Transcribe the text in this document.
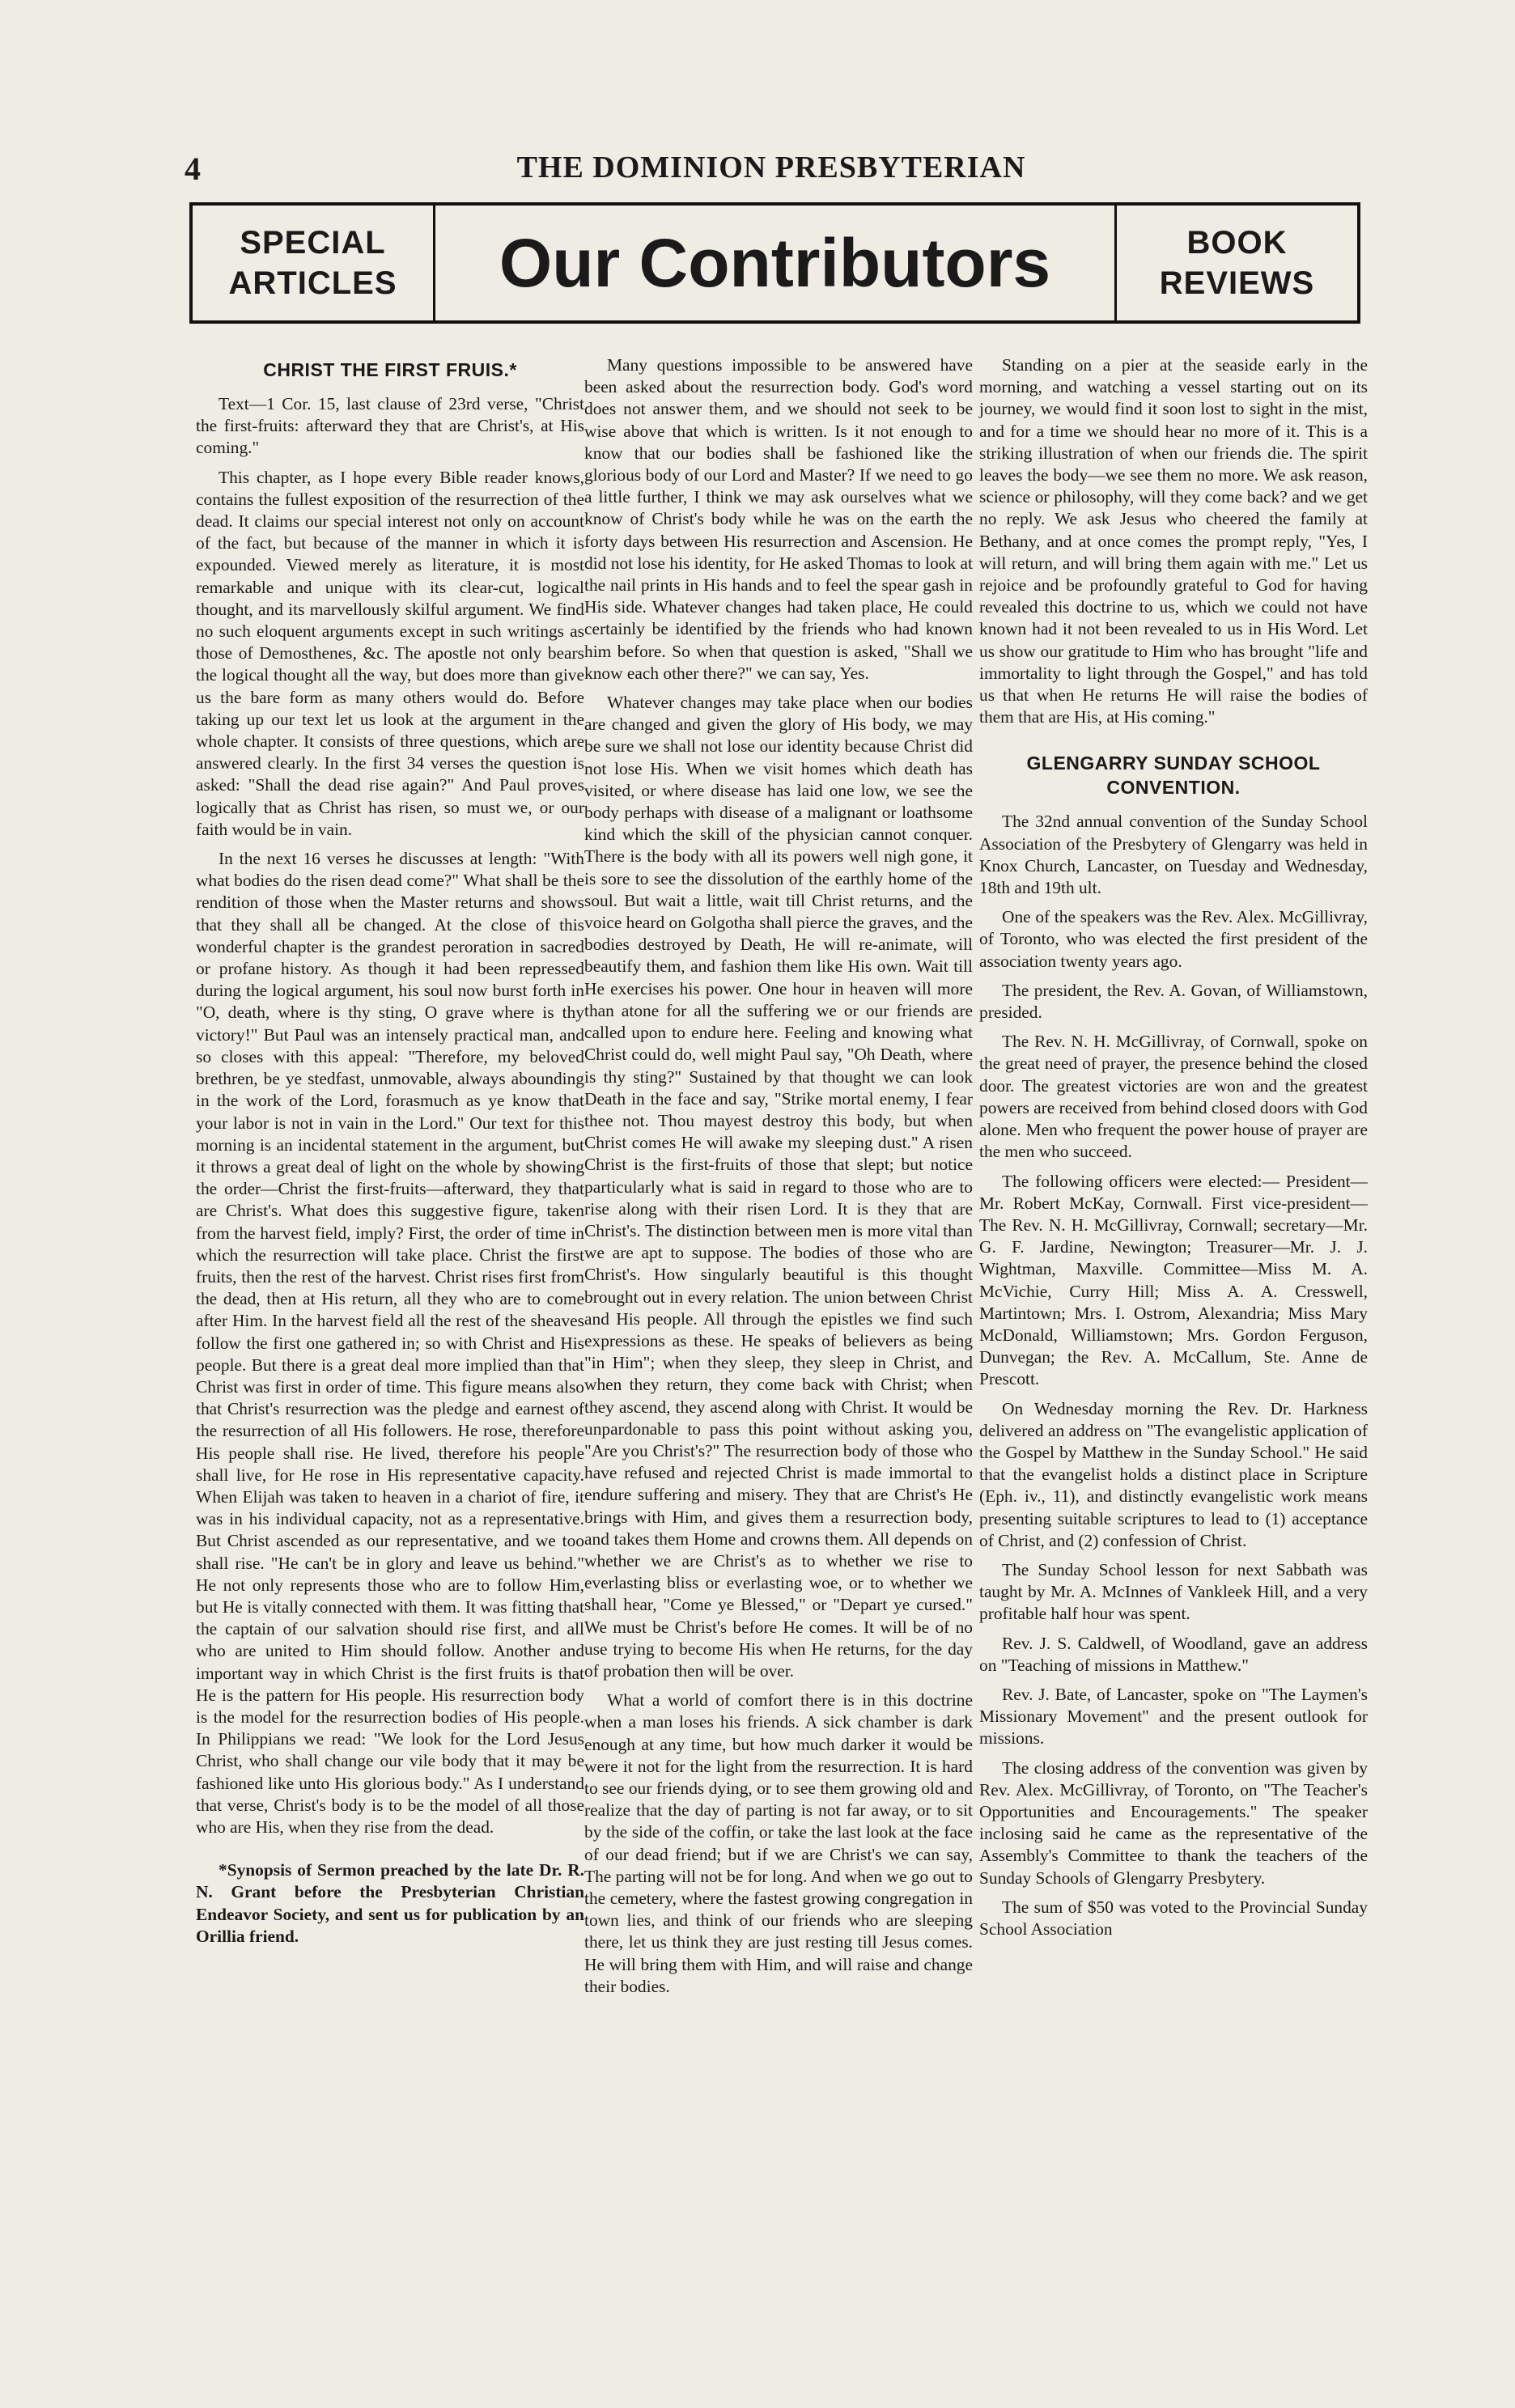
4	THE DOMINION PRESBYTERIAN
SPECIAL
ARTICLES	Our Contributors	BOOK
REVIEWS
CHRIST THE FIRST FRUIS.*

Text—1 Cor. 15, last clause of 23rd verse, "Christ the first-fruits: afterward they that are Christ's, at His coming."

This chapter, as I hope every Bible reader knows, contains the fullest exposition of the resurrection of the dead. It claims our special interest not only on account of the fact, but because of the manner in which it is expounded. Viewed merely as literature, it is most remarkable and unique with its clear-cut, logical thought, and its marvellously skilful argument. We find no such eloquent arguments except in such writings as those of Demosthenes, &c. The apostle not only bears the logical thought all the way, but does more than give us the bare form as many others would do. Before taking up our text let us look at the argument in the whole chapter. It consists of three questions, which are answered clearly. In the first 34 verses the question is asked: "Shall the dead rise again?" And Paul proves logically that as Christ has risen, so must we, or our faith would be in vain.

In the next 16 verses he discusses at length: "With what bodies do the risen dead come?" What shall be the rendition of those when the Master returns and shows that they shall all be changed. At the close of this wonderful chapter is the grandest peroration in sacred or profane history. As though it had been repressed during the logical argument, his soul now burst forth in "O, death, where is thy sting, O grave where is thy victory!" But Paul was an intensely practical man, and so closes with this appeal: "Therefore, my beloved brethren, be ye stedfast, unmovable, always abounding in the work of the Lord, forasmuch as ye know that your labor is not in vain in the Lord." Our text for this morning is an incidental statement in the argument, but it throws a great deal of light on the whole by showing the order—Christ the first-fruits—afterward, they that are Christ's. What does this suggestive figure, taken from the harvest field, imply? First, the order of time in which the resurrection will take place. Christ the first fruits, then the rest of the harvest. Christ rises first from the dead, then at His return, all they who are to come after Him. In the harvest field all the rest of the sheaves follow the first one gathered in; so with Christ and His people. But there is a great deal more implied than that Christ was first in order of time. This figure means also that Christ's resurrection was the pledge and earnest of the resurrection of all His followers. He rose, therefore His people shall rise. He lived, therefore his people shall live, for He rose in His representative capacity. When Elijah was taken to heaven in a chariot of fire, it was in his individual capacity, not as a representative. But Christ ascended as our representative, and we too shall rise. "He can't be in glory and leave us behind." He not only represents those who are to follow Him, but He is vitally connected with them. It was fitting that the captain of our salvation should rise first, and all who are united to Him should follow. Another and important way in which Christ is the first fruits is that He is the pattern for His people. His resurrection body is the model for the resurrection bodies of His people. In Philippians we read: "We look for the Lord Jesus Christ, who shall change our vile body that it may be fashioned like unto His glorious body." As I understand that verse, Christ's body is to be the model of all those who are His, when they rise from the dead.

*Synopsis of Sermon preached by the late Dr. R. N. Grant before the Presbyterian Christian Endeavor Society, and sent us for publication by an Orillia friend.

Many questions impossible to be answered have been asked about the resurrection body. God's word does not answer them, and we should not seek to be wise above that which is written. Is it not enough to know that our bodies shall be fashioned like the glorious body of our Lord and Master? If we need to go a little further, I think we may ask ourselves what we know of Christ's body while he was on the earth the forty days between His resurrection and Ascension. He did not lose his identity, for He asked Thomas to look at the nail prints in His hands and to feel the spear gash in His side. Whatever changes had taken place, He could certainly be identified by the friends who had known him before. So when that question is asked, "Shall we know each other there?" we can say, Yes.

Whatever changes may take place when our bodies are changed and given the glory of His body, we may be sure we shall not lose our identity because Christ did not lose His. When we visit homes which death has visited, or where disease has laid one low, we see the body perhaps with disease of a malignant or loathsome kind which the skill of the physician cannot conquer. There is the body with all its powers well nigh gone, it is sore to see the dissolution of the earthly home of the soul. But wait a little, wait till Christ returns, and the voice heard on Golgotha shall pierce the graves, and the bodies destroyed by Death, He will re-animate, will beautify them, and fashion them like His own. Wait till He exercises his power. One hour in heaven will more than atone for all the suffering we or our friends are called upon to endure here. Feeling and knowing what Christ could do, well might Paul say, "Oh Death, where is thy sting?" Sustained by that thought we can look Death in the face and say, "Strike mortal enemy, I fear thee not. Thou mayest destroy this body, but when Christ comes He will awake my sleeping dust." A risen Christ is the first-fruits of those that slept; but notice particularly what is said in regard to those who are to rise along with their risen Lord. It is they that are Christ's. The distinction between men is more vital than we are apt to suppose. The bodies of those who are Christ's. How singularly beautiful is this thought brought out in every relation. The union between Christ and His people. All through the epistles we find such expressions as these. He speaks of believers as being "in Him"; when they sleep, they sleep in Christ, and when they return, they come back with Christ; when they ascend, they ascend along with Christ. It would be unpardonable to pass this point without asking you, "Are you Christ's?" The resurrection body of those who have refused and rejected Christ is made immortal to endure suffering and misery. They that are Christ's He brings with Him, and gives them a resurrection body, and takes them Home and crowns them. All depends on whether we are Christ's as to whether we rise to everlasting bliss or everlasting woe, or to whether we shall hear, "Come ye Blessed," or "Depart ye cursed." We must be Christ's before He comes. It will be of no use trying to become His when He returns, for the day of probation then will be over.

What a world of comfort there is in this doctrine when a man loses his friends. A sick chamber is dark enough at any time, but how much darker it would be were it not for the light from the resurrection. It is hard to see our friends dying, or to see them growing old and realize that the day of parting is not far away, or to sit by the side of the coffin, or take the last look at the face of our dead friend; but if we are Christ's we can say, The parting will not be for long. And when we go out to the cemetery, where the fastest growing congregation in town lies, and think of our friends who are sleeping there, let us think they are just resting till Jesus comes. He will bring them with Him, and will raise and change their bodies.

Standing on a pier at the seaside early in the morning, and watching a vessel starting out on its journey, we would find it soon lost to sight in the mist, and for a time we should hear no more of it. This is a striking illustration of when our friends die. The spirit leaves the body—we see them no more. We ask reason, science or philosophy, will they come back? and we get no reply. We ask Jesus who cheered the family at Bethany, and at once comes the prompt reply, "Yes, I will return, and will bring them again with me." Let us rejoice and be profoundly grateful to God for having revealed this doctrine to us, which we could not have known had it not been revealed to us in His Word. Let us show our gratitude to Him who has brought "life and immortality to light through the Gospel," and has told us that when He returns He will raise the bodies of them that are His, at His coming."

GLENGARRY SUNDAY SCHOOL
CONVENTION.

The 32nd annual convention of the Sunday School Association of the Presbytery of Glengarry was held in Knox Church, Lancaster, on Tuesday and Wednesday, 18th and 19th ult.

One of the speakers was the Rev. Alex. McGillivray, of Toronto, who was elected the first president of the association twenty years ago.

The president, the Rev. A. Govan, of Williamstown, presided.

The Rev. N. H. McGillivray, of Cornwall, spoke on the great need of prayer, the presence behind the closed door. The greatest victories are won and the greatest powers are received from behind closed doors with God alone. Men who frequent the power house of prayer are the men who succeed.

The following officers were elected:— President—Mr. Robert McKay, Cornwall. First vice-president—The Rev. N. H. McGillivray, Cornwall; secretary—Mr. G. F. Jardine, Newington; Treasurer—Mr. J. J. Wightman, Maxville. Committee—Miss M. A. McVichie, Curry Hill; Miss A. A. Cresswell, Martintown; Mrs. I. Ostrom, Alexandria; Miss Mary McDonald, Williamstown; Mrs. Gordon Ferguson, Dunvegan; the Rev. A. McCallum, Ste. Anne de Prescott.

On Wednesday morning the Rev. Dr. Harkness delivered an address on "The evangelistic application of the Gospel by Matthew in the Sunday School." He said that the evangelist holds a distinct place in Scripture (Eph. iv., 11), and distinctly evangelistic work means presenting suitable scriptures to lead to (1) acceptance of Christ, and (2) confession of Christ.

The Sunday School lesson for next Sabbath was taught by Mr. A. McInnes of Vankleek Hill, and a very profitable half hour was spent.

Rev. J. S. Caldwell, of Woodland, gave an address on "Teaching of missions in Matthew."

Rev. J. Bate, of Lancaster, spoke on "The Laymen's Missionary Movement" and the present outlook for missions.

The closing address of the convention was given by Rev. Alex. McGillivray, of Toronto, on "The Teacher's Opportunities and Encouragements." The speaker inclosing said he came as the representative of the Assembly's Committee to thank the teachers of the Sunday Schools of Glengarry Presbytery.

The sum of $50 was voted to the Provincial Sunday School Association
